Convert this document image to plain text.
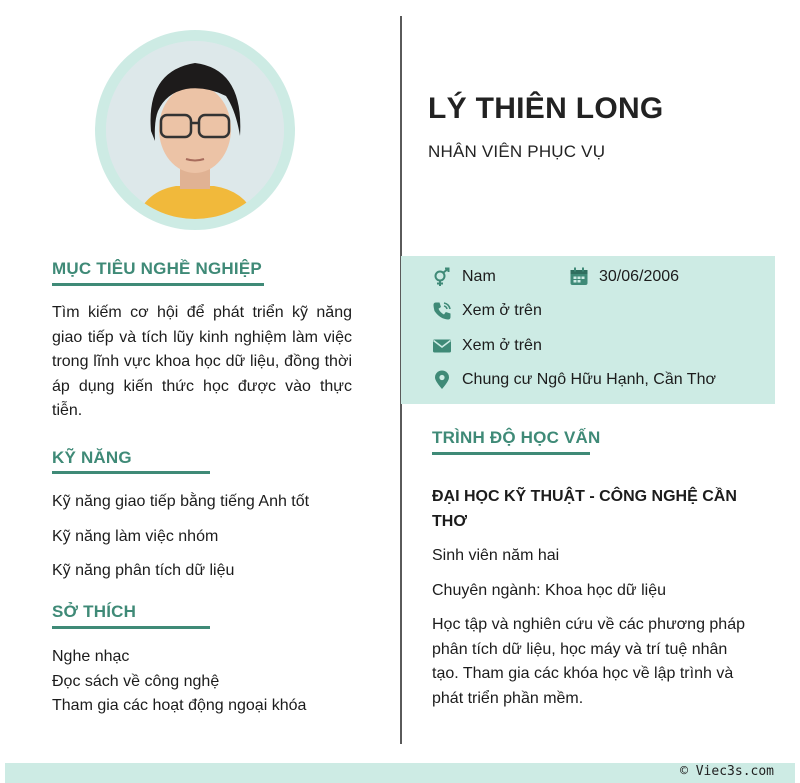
MỤC TIÊU NGHỀ NGHIỆP
Tìm kiếm cơ hội để phát triển kỹ năng giao tiếp và tích lũy kinh nghiệm làm việc trong lĩnh vực khoa học dữ liệu, đồng thời áp dụng kiến thức học được vào thực tiễn.
KỸ NĂNG
Kỹ năng giao tiếp bằng tiếng Anh tốt
Kỹ năng làm việc nhóm
Kỹ năng phân tích dữ liệu
SỞ THÍCH
Nghe nhạc
Đọc sách về công nghệ
Tham gia các hoạt động ngoại khóa
LÝ THIÊN LONG
NHÂN VIÊN PHỤC VỤ
Nam	30/06/2006
Xem ở trên
Xem ở trên
Chung cư Ngô Hữu Hạnh, Cần Thơ
TRÌNH ĐỘ HỌC VẤN
ĐẠI HỌC KỸ THUẬT - CÔNG NGHỆ CẦN THƠ
Sinh viên năm hai
Chuyên ngành: Khoa học dữ liệu
Học tập và nghiên cứu về các phương pháp phân tích dữ liệu, học máy và trí tuệ nhân tạo. Tham gia các khóa học về lập trình và phát triển phần mềm.
© Viec3s.com
